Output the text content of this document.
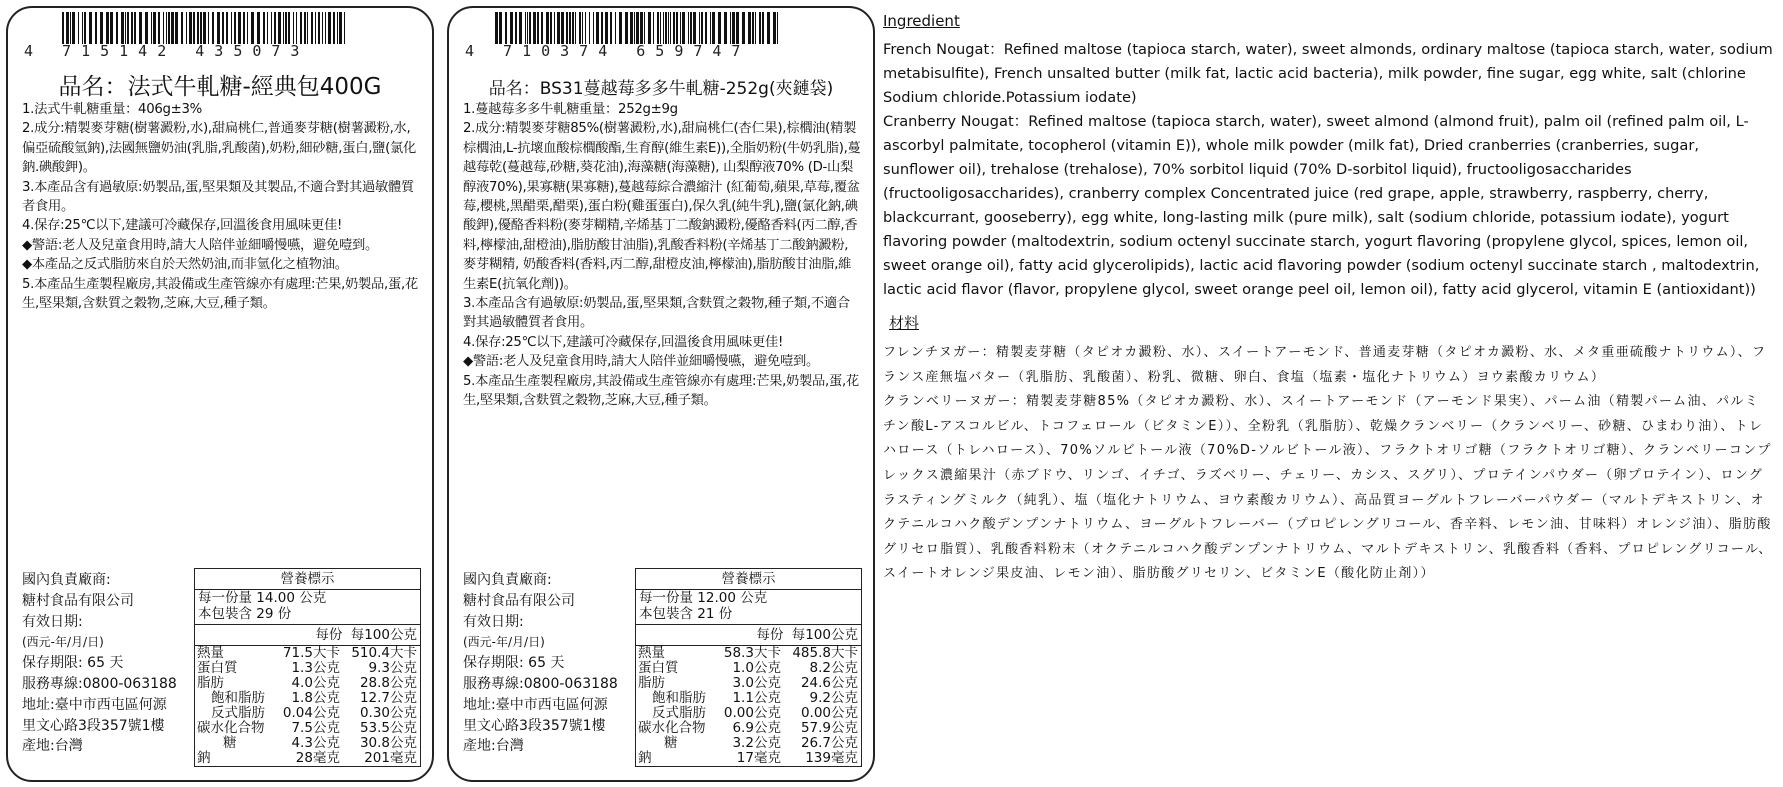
4 715142 435073
品名：法式牛軋糖-經典包400G

1.法式牛軋糖重量：406g±3%

2.成分:精製麥芽糖(樹薯澱粉,水),甜扁桃仁,普通麥芽糖(樹薯澱粉,水,偏亞硫酸氫鈉),法國無鹽奶油(乳脂,乳酸菌),奶粉,細砂糖,蛋白,鹽(氯化鈉.碘酸鉀)。

3.本產品含有過敏原:奶製品,蛋,堅果類及其製品,不適合對其過敏體質者食用。

4.保存:25℃以下,建議可冷藏保存,回溫後食用風味更佳!

◆警語:老人及兒童食用時,請大人陪伴並細嚼慢嚥，避免噎到。

◆本產品之反式脂肪來自於天然奶油,而非氫化之植物油。

5.本產品生產製程廠房,其設備或生產管線亦有處理:芒果,奶製品,蛋,花生,堅果類,含麩質之穀物,芝麻,大豆,種子類。

國內負責廠商:
糖村食品有限公司
有效日期:
(西元-年/月/日)
保存期限: 65 天
服務專線:0800-063188
地址:臺中市西屯區何源
里文心路3段357號1樓
產地:台灣
營養標示
每一份量 14.00 公克
本包裝含 29 份
每份 每100公克
熱量	71.5大卡	510.4大卡
蛋白質	1.3公克	9.3公克
脂肪	4.0公克	28.8公克
飽和脂肪	1.8公克	12.7公克
反式脂肪	0.04公克	0.30公克
碳水化合物	7.5公克	53.5公克
糖	4.3公克	30.8公克
鈉	28毫克	201毫克
4 710374 659747
品名：BS31蔓越莓多多牛軋糖-252g(夾鏈袋)

1.蔓越莓多多牛軋糖重量：252g±9g

2.成分:精製麥芽糖85%(樹薯澱粉,水),甜扁桃仁(杏仁果),棕櫚油(精製棕櫚油,L-抗壞血酸棕櫚酸酯,生育醇(維生素E)),全脂奶粉(牛奶乳脂),蔓越莓乾(蔓越莓,砂糖,葵花油),海藻糖(海藻糖), 山梨醇液70% (D-山梨醇液70%),果寡糖(果寡糖),蔓越莓綜合濃縮汁 (紅葡萄,蘋果,草莓,覆盆莓,櫻桃,黑醋栗,醋栗),蛋白粉(雞蛋蛋白),保久乳(純牛乳),鹽(氯化鈉,碘酸鉀),優酪香料粉(麥芽糊精,辛烯基丁二酸鈉澱粉,優酪香料(丙二醇,香料,檸檬油,甜橙油),脂肪酸甘油脂),乳酸香料粉(辛烯基丁二酸鈉澱粉,麥芽糊精, 奶酸香料(香料,丙二醇,甜橙皮油,檸檬油),脂肪酸甘油脂,維生素E(抗氧化劑))。

3.本產品含有過敏原:奶製品,蛋,堅果類,含麩質之穀物,種子類,不適合對其過敏體質者食用。

4.保存:25℃以下,建議可冷藏保存,回溫後食用風味更佳!

◆警語:老人及兒童食用時,請大人陪伴並細嚼慢嚥，避免噎到。

5.本產品生產製程廠房,其設備或生產管線亦有處理:芒果,奶製品,蛋,花生,堅果類,含麩質之穀物,芝麻,大豆,種子類。

國內負責廠商:
糖村食品有限公司
有效日期:
(西元-年/月/日)
保存期限: 65 天
服務專線:0800-063188
地址:臺中市西屯區何源
里文心路3段357號1樓
產地:台灣
營養標示
每一份量 12.00 公克
本包裝含 21 份
每份 每100公克
熱量	58.3大卡	485.8大卡
蛋白質	1.0公克	8.2公克
脂肪	3.0公克	24.6公克
飽和脂肪	1.1公克	9.2公克
反式脂肪	0.00公克	0.00公克
碳水化合物	6.9公克	57.9公克
糖	3.2公克	26.7公克
鈉	17毫克	139毫克
Ingredient

French Nougat：Refined maltose (tapioca starch, water), sweet almonds, ordinary maltose (tapioca starch, water, sodium metabisulfite), French unsalted butter (milk fat, lactic acid bacteria), milk powder, fine sugar, egg white, salt (chlorine Sodium chloride.Potassium iodate)

Cranberry Nougat：Refined maltose (tapioca starch, water), sweet almond (almond fruit), palm oil (refined palm oil, L-ascorbyl palmitate, tocopherol (vitamin E)), whole milk powder (milk fat), Dried cranberries (cranberries, sugar, sunflower oil), trehalose (trehalose), 70% sorbitol liquid (70% D-sorbitol liquid), fructooligosaccharides (fructooligosaccharides), cranberry complex Concentrated juice (red grape, apple, strawberry, raspberry, cherry, blackcurrant, gooseberry), egg white, long-lasting milk (pure milk), salt (sodium chloride, potassium iodate), yogurt flavoring powder (maltodextrin, sodium octenyl succinate starch, yogurt flavoring (propylene glycol, spices, lemon oil, sweet orange oil), fatty acid glycerolipids), lactic acid flavoring powder (sodium octenyl succinate starch , maltodextrin, lactic acid flavor (flavor, propylene glycol, sweet orange peel oil, lemon oil), fatty acid glycerol, vitamin E (antioxidant))

材料

フレンチヌガー：精製麦芽糖（タピオカ澱粉、水）、スイートアーモンド、普通麦芽糖（タピオカ澱粉、水、メタ重亜硫酸ナトリウム）、フランス産無塩バター（乳脂肪、乳酸菌）、粉乳、微糖、卵白、食塩（塩素・塩化ナトリウム）ヨウ素酸カリウム）

クランベリーヌガー：精製麦芽糖85%（タピオカ澱粉、水）、スイートアーモンド（アーモンド果実）、パーム油（精製パーム油、パルミチン酸L-アスコルビル、トコフェロール（ビタミンE））、全粉乳（乳脂肪）、乾燥クランベリー（クランベリー、砂糖、ひまわり油）、トレハロース（トレハロース）、70%ソルビトール液（70%D-ソルビトール液）、フラクトオリゴ糖（フラクトオリゴ糖）、クランベリーコンプレックス濃縮果汁（赤ブドウ、リンゴ、イチゴ、ラズベリー、チェリー、カシス、スグリ）、プロテインパウダー（卵プロテイン）、ロングラスティングミルク（純乳）、塩（塩化ナトリウム、ヨウ素酸カリウム）、高品質ヨーグルトフレーバーパウダー（マルトデキストリン、オクテニルコハク酸デンプンナトリウム、ヨーグルトフレーバー（プロピレングリコール、香辛料、レモン油、甘味料）オレンジ油）、脂肪酸グリセロ脂質）、乳酸香料粉末（オクテニルコハク酸デンプンナトリウム、マルトデキストリン、乳酸香料（香料、プロピレングリコール、スイートオレンジ果皮油、レモン油）、脂肪酸グリセリン、ビタミンE（酸化防止剤））
